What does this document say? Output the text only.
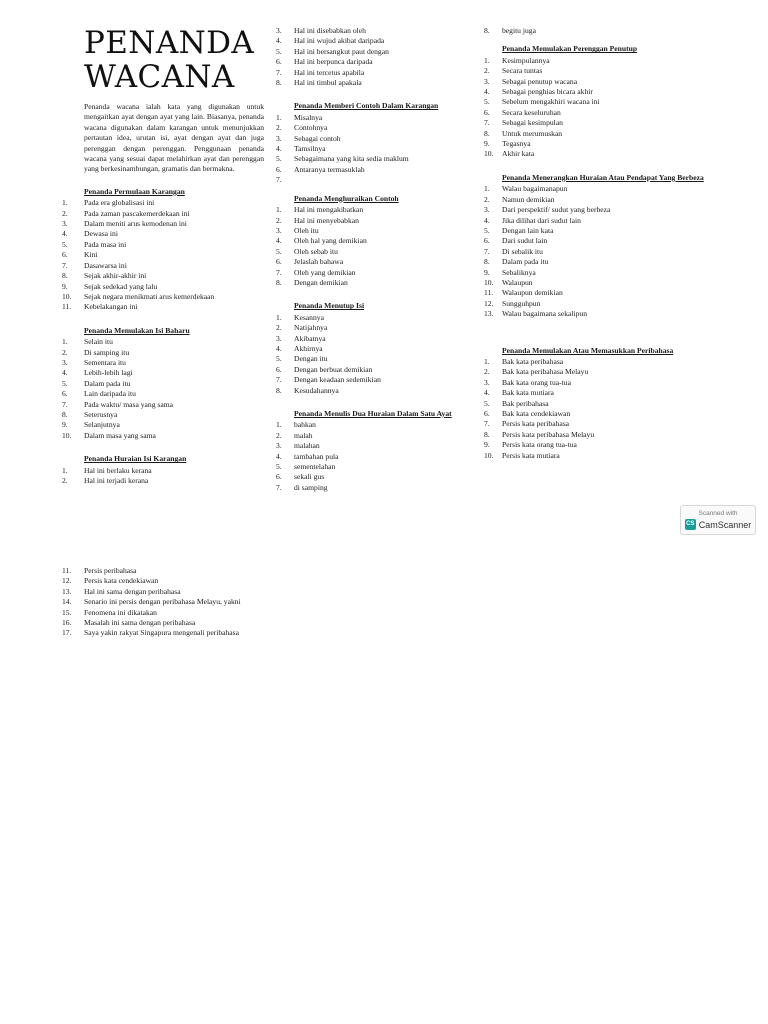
PENANDA
WACANA

Penanda wacana ialah kata yang digunakan untuk mengaitkan ayat dengan ayat yang lain. Biasanya, penanda wacana digunakan dalam karangan untuk menunjukkan pertautan idea, urutan isi, ayat dengan ayat dan juga perenggan dengan perenggan. Penggunaan penanda wacana yang sesuai dapat melahirkan ayat dan perenggan yang berkesinambungan, gramatis dan bermakna.

Penanda Permulaan Karangan
1.	Pada era globalisasi ini
2.	Pada zaman pascakemerdekaan ini
3.	Dalam meniti arus kemodenan ini
4.	Dewasa ini
5.	Pada masa ini
6.	Kini
7.	Dasawarsa ini
8.	Sejak akhir-akhir ini
9.	Sejak sedekad yang lalu
10.	Sejak negara menikmati arus kemerdekaan
11.	Kebelakangan ini
Penanda Memulakan Isi Baharu
1.	Selain itu
2.	Di samping itu
3.	Sementara itu
4.	Lebih-lebih lagi
5.	Dalam pada itu
6.	Lain daripada itu
7.	Pada waktu/ masa yang sama
8.	Seterusnya
9.	Selanjutnya
10.	Dalam masa yang sama
Penanda Huraian Isi Karangan
1.	Hal ini berlaku kerana
2.	Hal ini terjadi kerana
3.	Hal ini disebabkan oleh
4.	Hal ini wujud akibat daripada
5.	Hal ini bersangkut paut dengan
6.	Hal ini berpunca daripada
7.	Hal ini tercetus apabila
8.	Hal ini timbul apakala
Penanda Memberi Contoh Dalam Karangan
1.	Misalnya
2.	Contohnya
3.	Sebagai contoh
4.	Tamsilnya
5.	Sebagaimana yang kita sedia maklum
6.	Antaranya termasuklah
7.
Penanda Menghuraikan Contoh
1.	Hal ini mengakibatkan
2.	Hal ini menyebabkan
3.	Oleh itu
4.	Oleh hal yang demikian
5.	Oleh sebab itu
6.	Jelaslah bahawa
7.	Oleh yang demikian
8.	Dengan demikian
Penanda Menutup Isi
1.	Kesannya
2.	Natijahnya
3.	Akibatnya
4.	Akhirnya
5.	Dengan itu
6.	Dengan berbuat demikian
7.	Dengan keadaan sedemikian
8.	Kesudahannya
Penanda Menulis Dua Huraian Dalam Satu Ayat
1.	bahkan
2.	malah
3.	malahan
4.	tambahan pula
5.	sementelahan
6.	sekali gus
7.	di samping
8.	begitu juga
Penanda Memulakan Perenggan Penutup
1.	Kesimpulannya
2.	Secara tuntas
3.	Sebagai penutup wacana
4.	Sebagai penghias bicara akhir
5.	Sebelum mengakhiri wacana ini
6.	Secara keseluruhan
7.	Sebagai kesimpulan
8.	Untuk merumuskan
9.	Tegasnya
10.	Akhir kata
Penanda Menerangkan Huraian Atau Pendapat Yang Berbeza
1.	Walau bagaimanapun
2.	Namun demikian
3.	Dari perspektif/ sudut yang berbeza
4.	Jika dilihat dari sudut lain
5.	Dengan lain kata
6.	Dari sudut lain
7.	Di sebalik itu
8.	Dalam pada itu
9.	Sebaliknya
10.	Walaupun
11.	Walaupun demikian
12.	Sungguhpun
13.	Walau bagaimana sekalipun
Penanda Memulakan Atau Memasukkan Peribahasa
1.	Bak kata peribahasa
2.	Bak kata peribahasa Melayu
3.	Bak kata orang tua-tua
4.	Bak kata mutiara
5.	Bak peribahasa
6.	Bak kata cendekiawan
7.	Persis kata peribahasa
8.	Persis kata peribahasa Melayu
9.	Persis kata orang tua-tua
10.	Persis kata mutiara
11.	Persis peribahasa
12.	Persis kata cendekiawan
13.	Hal ini sama dengan peribahasa
14.	Senario ini persis dengan peribahasa Melayu, yakni
15.	Fenomena ini dikatakan
16.	Masalah ini sama dengan peribahasa
17.	Saya yakin rakyat Singapura mengenali peribahasa
Scanned with
CS CamScanner
